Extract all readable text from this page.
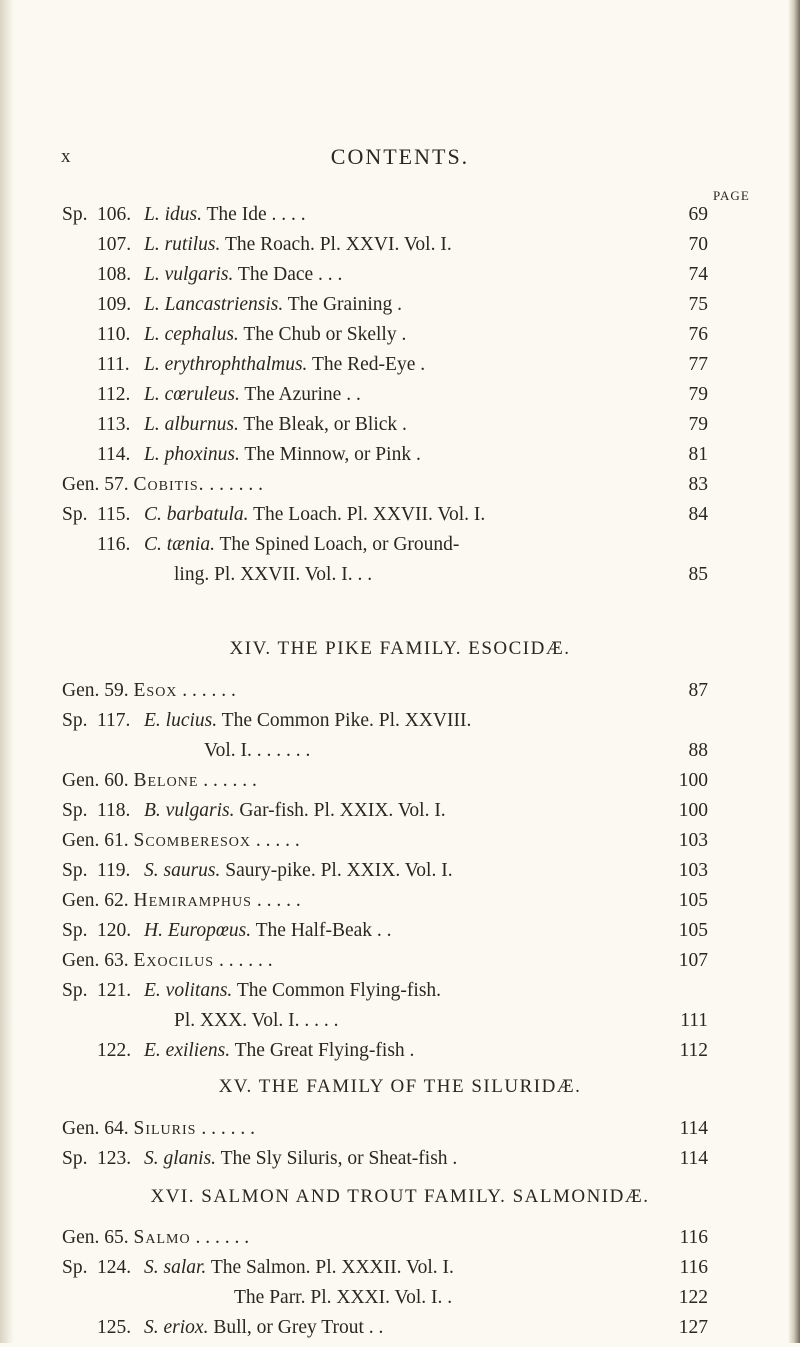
x	CONTENTS.
PAGE
Sp. 106. L. idus. The Ide . . . .	69
107. L. rutilus. The Roach. Pl. XXVI. Vol. I.	70
108. L. vulgaris. The Dace . . .	74
109. L. Lancastriensis. The Graining .	75
110. L. cephalus. The Chub or Skelly .	76
111. L. erythrophthalmus. The Red-Eye .	77
112. L. cœruleus. The Azurine . .	79
113. L. alburnus. The Bleak, or Blick .	79
114. L. phoxinus. The Minnow, or Pink .	81
Gen. 57. Cobitis. . . . . . .	83
Sp. 115. C. barbatula. The Loach. Pl. XXVII. Vol. I.	84
116. C. tænia. The Spined Loach, or Ground-
ling. Pl. XXVII. Vol. I. . .	85
XIV. THE PIKE FAMILY. ESOCIDÆ.
Gen. 59. Esox . . . . . .	87
Sp. 117. E. lucius. The Common Pike. Pl. XXVIII.
Vol. I. . . . . . .	88
Gen. 60. Belone . . . . . .	100
Sp. 118. B. vulgaris. Gar-fish. Pl. XXIX. Vol. I.	100
Gen. 61. Scomberesox . . . . .	103
Sp. 119. S. saurus. Saury-pike. Pl. XXIX. Vol. I.	103
Gen. 62. Hemiramphus . . . . .	105
Sp. 120. H. Europœus. The Half-Beak . .	105
Gen. 63. Exocilus . . . . . .	107
Sp. 121. E. volitans. The Common Flying-fish.
Pl. XXX. Vol. I. . . . .	111
122. E. exiliens. The Great Flying-fish .	112
XV. THE FAMILY OF THE SILURIDÆ.
Gen. 64. Siluris . . . . . .	114
Sp. 123. S. glanis. The Sly Siluris, or Sheat-fish .	114
XVI. SALMON AND TROUT FAMILY. SALMONIDÆ.
Gen. 65. Salmo . . . . . .	116
Sp. 124. S. salar. The Salmon. Pl. XXXII. Vol. I.	116
The Parr. Pl. XXXI. Vol. I. .	122
125. S. eriox. Bull, or Grey Trout . .	127
